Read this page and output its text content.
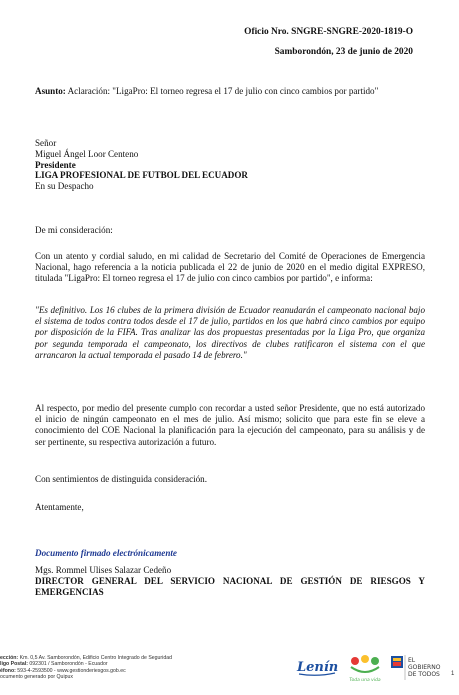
Oficio Nro. SNGRE-SNGRE-2020-1819-O
Samborondón, 23 de junio de 2020
Asunto: Aclaración: "LigaPro: El torneo regresa el 17 de julio con cinco cambios por partido"
Señor
Miguel Ángel Loor Centeno
Presidente
LIGA PROFESIONAL DE FUTBOL DEL ECUADOR
En su Despacho
De mi consideración:
Con un atento y cordial saludo, en mi calidad de Secretario del Comité de Operaciones de Emergencia Nacional, hago referencia a la noticia publicada el 22 de junio de 2020 en el medio digital EXPRESO, titulada "LigaPro: El torneo regresa el 17 de julio con cinco cambios por partido", e informa:
"Es definitivo. Los 16 clubes de la primera división de Ecuador reanudarán el campeonato nacional bajo el sistema de todos contra todos desde el 17 de julio, partidos en los que habrá cinco cambios por equipo por disposición de la FIFA. Tras analizar las dos propuestas presentadas por la Liga Pro, que organiza por segunda temporada el campeonato, los directivos de clubes ratificaron el sistema con el que arrancaron la actual temporada el pasado 14 de febrero."
Al respecto, por medio del presente cumplo con recordar a usted señor Presidente, que no está autorizado el inicio de ningún campeonato en el mes de julio. Así mismo; solicito que para este fin se eleve a conocimiento del COE Nacional la planificación para la ejecución del campeonato, para su análisis y de ser pertinente, su respectiva autorización a futuro.
Con sentimientos de distinguida consideración.
Atentamente,
Documento firmado electrónicamente
Mgs. Rommel Ulises Salazar Cedeño
DIRECTOR GENERAL DEL SERVICIO NACIONAL DE GESTIÓN DE RIESGOS Y EMERGENCIAS
ección: Km. 0,5 Av. Samborondón, Edificio Centro Integrado de Seguridad
ligo Postal: 092301 / Samborondón - Ecuador
éfono: 593-4-2593500 - www.gestionderiesgos.gob.ec
ocumento generado por Quipux
Lenín
Toda una vida
EL
GOBIERNO
DE TODOS 1
